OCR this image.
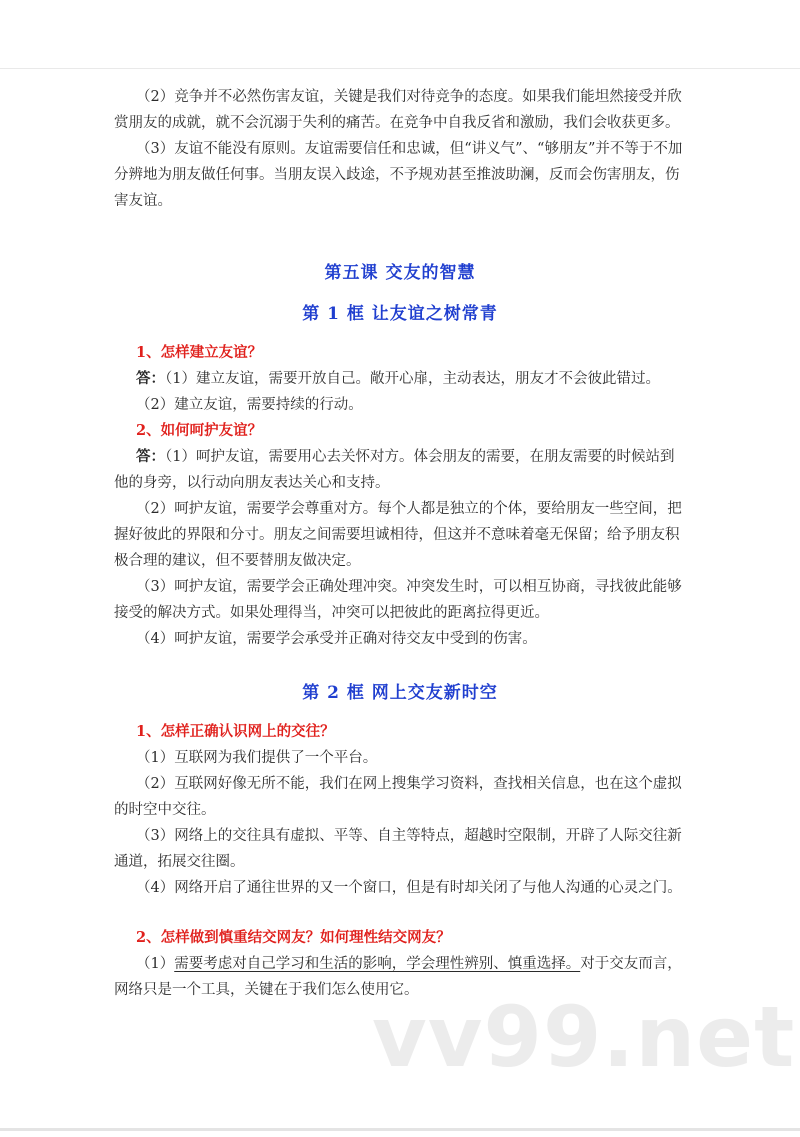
（2）竞争并不必然伤害友谊，关键是我们对待竞争的态度。如果我们能坦然接受并欣赏朋友的成就，就不会沉溺于失利的痛苦。在竞争中自我反省和激励，我们会收获更多。

（3）友谊不能没有原则。友谊需要信任和忠诚，但“讲义气”、“够朋友”并不等于不加分辨地为朋友做任何事。当朋友误入歧途，不予规劝甚至推波助澜，反而会伤害朋友，伤害友谊。

第五课 交友的智慧

第 1 框 让友谊之树常青

1、怎样建立友谊？

答：（1）建立友谊，需要开放自己。敞开心扉，主动表达，朋友才不会彼此错过。

（2）建立友谊，需要持续的行动。

2、如何呵护友谊？

答：（1）呵护友谊，需要用心去关怀对方。体会朋友的需要，在朋友需要的时候站到他的身旁，以行动向朋友表达关心和支持。

（2）呵护友谊，需要学会尊重对方。每个人都是独立的个体，要给朋友一些空间，把握好彼此的界限和分寸。朋友之间需要坦诚相待，但这并不意味着毫无保留；给予朋友积极合理的建议，但不要替朋友做决定。

（3）呵护友谊，需要学会正确处理冲突。冲突发生时，可以相互协商，寻找彼此能够接受的解决方式。如果处理得当，冲突可以把彼此的距离拉得更近。

（4）呵护友谊，需要学会承受并正确对待交友中受到的伤害。

第 2 框 网上交友新时空

1、怎样正确认识网上的交往？

（1）互联网为我们提供了一个平台。

（2）互联网好像无所不能，我们在网上搜集学习资料，查找相关信息，也在这个虚拟的时空中交往。

（3）网络上的交往具有虚拟、平等、自主等特点，超越时空限制，开辟了人际交往新通道，拓展交往圈。

（4）网络开启了通往世界的又一个窗口，但是有时却关闭了与他人沟通的心灵之门。

2、怎样做到慎重结交网友？如何理性结交网友？

（1）需要考虑对自己学习和生活的影响，学会理性辨别、慎重选择。对于交友而言，网络只是一个工具，关键在于我们怎么使用它。

vv99.net
